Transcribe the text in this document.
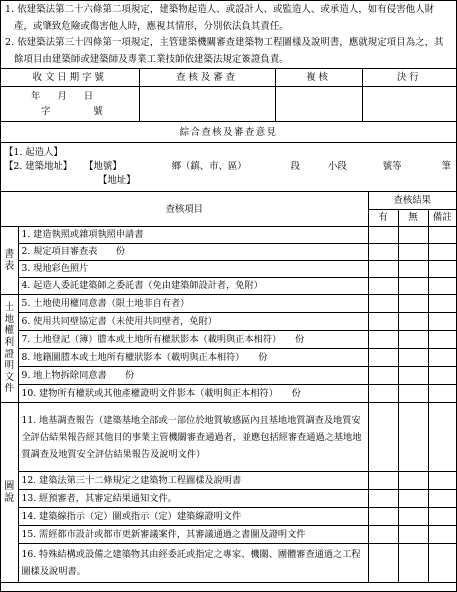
1. 依建築法第二十六條第二項規定，建築物起造人、或設計人、或監造人、或承造人，如有侵害他人財產，或肇致危險或傷害他人時，應視其情形，分別依法負其責任。
2. 依建築法第三十四條第一項規定，主管建築機關審查建築物工程圖樣及說明書，應就規定項目為之，其餘項目由建築師或建築師及專業工業技師依建築法規定簽證負責。
收文日期字號		查核及審查	複核	決行			

年 月 日
字 號							

綜合查核及審查意見							

【1. 起造人】
【2. 建築地址】 【地號】 鄉（鎮、市、區） 段 小段 號等 筆
【地址】							

查核項目					查核結果		
					有	無	備註

書表	1. 建造執照或雜項執照申請書						
	2. 規定項目審查表　　份						
	3. 現地彩色照片						
	4. 起造人委託建築師之委託書（免由建築師設計者，免附）						

土地權利證明文件	5. 土地使用權同意書（限土地非自有者）						
	6. 使用共同壁協定書（未使用共同壁者，免附）						
	7. 土地登記（簿）謄本或土地所有權狀影本（載明與正本相符）　　份						
	8. 地籍圖謄本或土地所有權狀影本（載明與正本相符）　　份						
	9. 地上物拆除同意書　　份						
	10. 建物所有權狀或其他產權證明文件影本（載明與正本相符）　　份						

圖說	11. 地基調查報告（建築基地全部或一部位於地質敏感區內且基地地質調查及地質安全評估結果報告經其他目的事業主管機關審查通過者，並應包括經審查通過之基地地質調查及地質安全評估結果報告及說明文件）						
	12. 建築法第三十二條規定之建築物工程圖樣及說明書						
	13. 經預審者，其審定結果通知文件。						
	14. 建築線指示（定）圖或指示（定）建築線證明文件						
	15. 需經都市設計或都市更新審議案件，其審議通過之書圖及證明文件						
	16. 特殊結構或設備之建築物其由經委託或指定之專家、機關、團體審查通過之工程圖樣及說明書。						
